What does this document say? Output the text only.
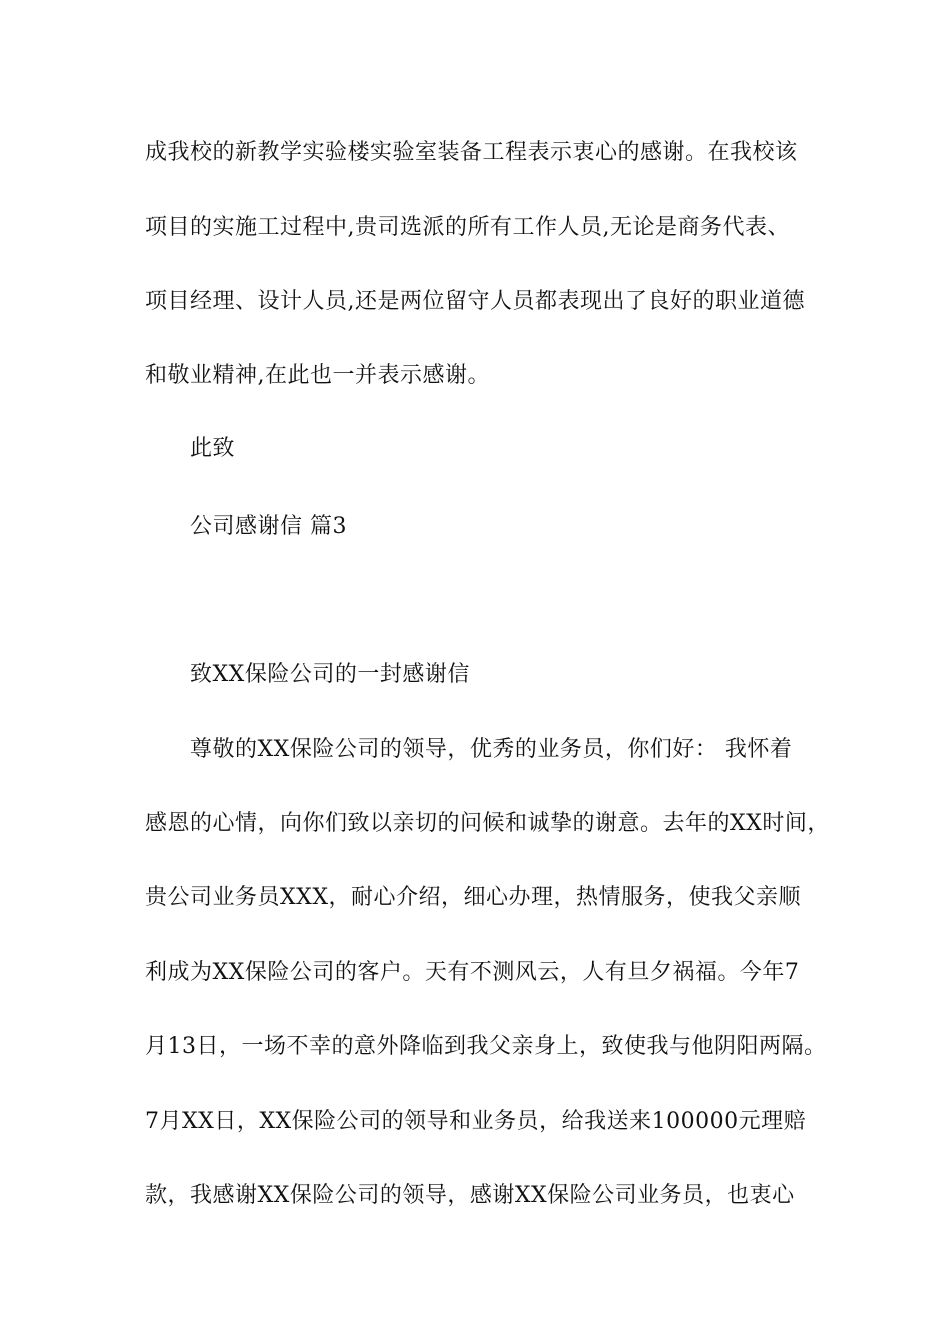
成我校的新教学实验楼实验室装备工程表示衷心的感谢。在我校该
项目的实施工过程中,贵司选派的所有工作人员,无论是商务代表、
项目经理、设计人员,还是两位留守人员都表现出了良好的职业道德
和敬业精神,在此也一并表示感谢。
此致
公司感谢信 篇3
致XX保险公司的一封感谢信
尊敬的XX保险公司的领导，优秀的业务员，你们好： 我怀着
感恩的心情，向你们致以亲切的问候和诚挚的谢意。去年的XX时间，
贵公司业务员XXX，耐心介绍，细心办理，热情服务，使我父亲顺
利成为XX保险公司的客户。天有不测风云，人有旦夕祸福。今年7
月13日，一场不幸的意外降临到我父亲身上，致使我与他阴阳两隔。
7月XX日，XX保险公司的领导和业务员，给我送来100000元理赔
款，我感谢XX保险公司的领导，感谢XX保险公司业务员，也衷心
